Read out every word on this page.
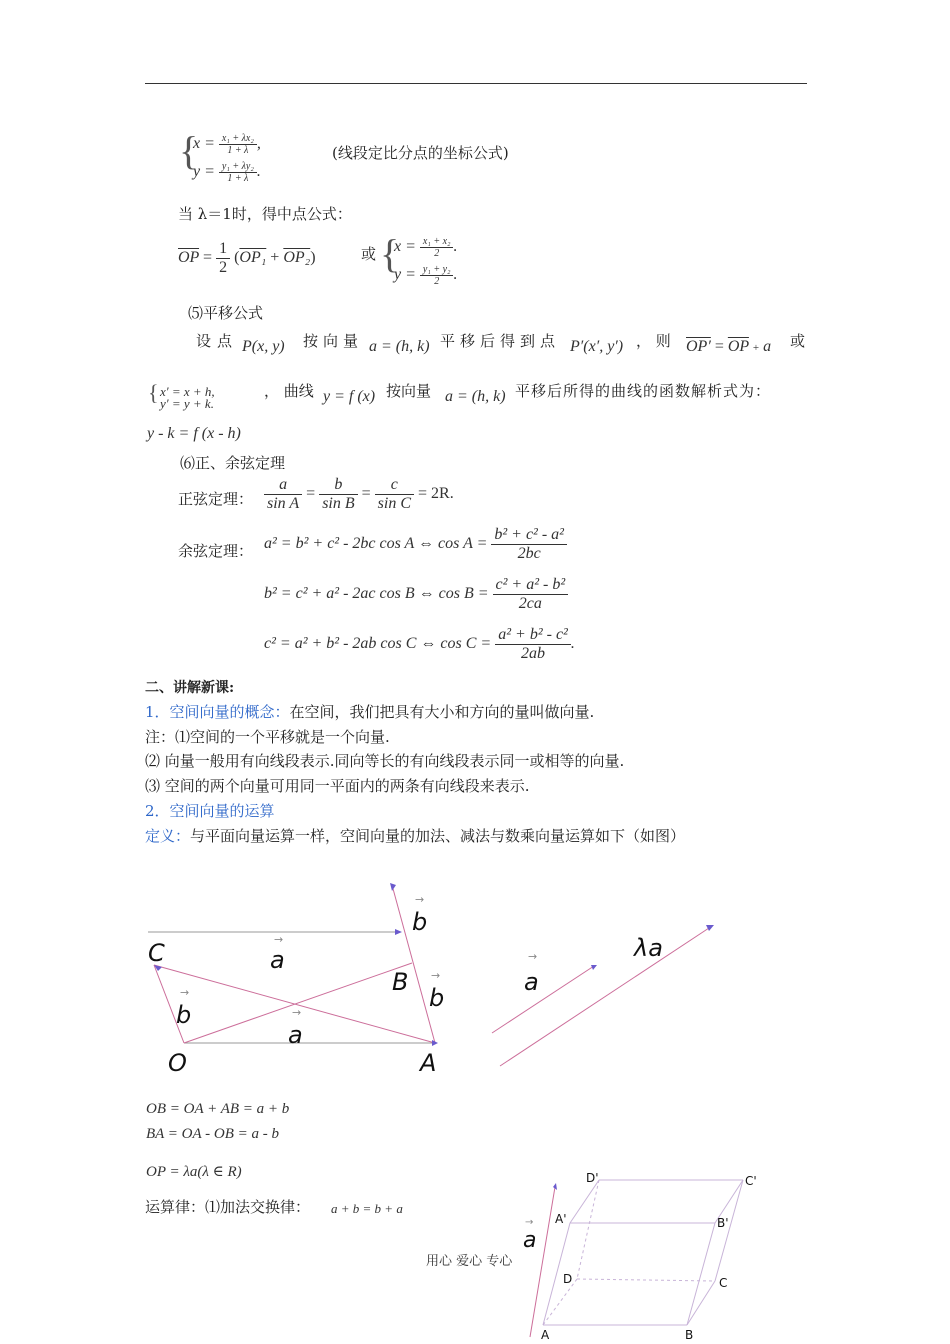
{
$x = \frac{\text{x₁ + λx₂}}{1 + \lambda}$ ,
$y = \frac{\text{y₁ + λy₂}}{1 + \lambda}$ .
(线段定比分点的坐标公式)
当 λ＝1时，得中点公式：
$\overline{OP} = \frac{1}{2} (OP_1 + OP_2)$	或 {
$x = \frac{\text{x₁ + x₂}}{2}$ .
$y = \frac{\text{y₁ + y₂}}{2}$ .
⑸平移公式
设点 P(x, y) 按向量 a = (h, k) 平移后得到点 P′(x′, y′) ， 则 $OP' = \overline{OP} + a$ 或
{ x′ = x + h,
y′ = y + k.
， 曲线 y = f (x) 按向量 a = (h, k) 平移后所得的曲线的函数解析式为：
y - k = f (x - h)
⑹正、余弦定理
正弦定理： $\frac{a}{\text{sin A}} = \frac{b}{\text{sin B}} = \frac{c}{\text{sin C}} = 2R$.
余弦定理： a² = b² + c² - 2bc cos A ⇔ $\cos A = \frac{\text{b² + c² - a²}}{2bc}$
b² = c² + a² - 2ac cos B ⇔ $\cos B = \frac{\text{c² + a² - b²}}{2ca}$
c² = a² + b² - 2ab cos C ⇔ $\cos C = \frac{\text{a² + b² - c²}}{2ab}$ .
二、讲解新课:
1．空间向量的概念：在空间，我们把具有大小和方向的量叫做向量.
注：⑴空间的一个平移就是一个向量.
⑵ 向量一般用有向线段表示.同向等长的有向线段表示同一或相等的向量.
⑶ 空间的两个向量可用同一平面内的两条有向线段来表示.
2．空间向量的运算
定义：与平面向量运算一样，空间向量的加法、减法与数乘向量运算如下（如图）
C
B
O	A
a
a
b
b
b
→
→
→
→
→
a
→	λa
OB = OA + AB = a + b
BA = OA - OB = a - b
OP = λa(λ ∈ R)
运算律：⑴加法交换律： a + b = b + a
D'	C'
A'	B'
D	C
A	B
a
→
用心 爱心 专心
